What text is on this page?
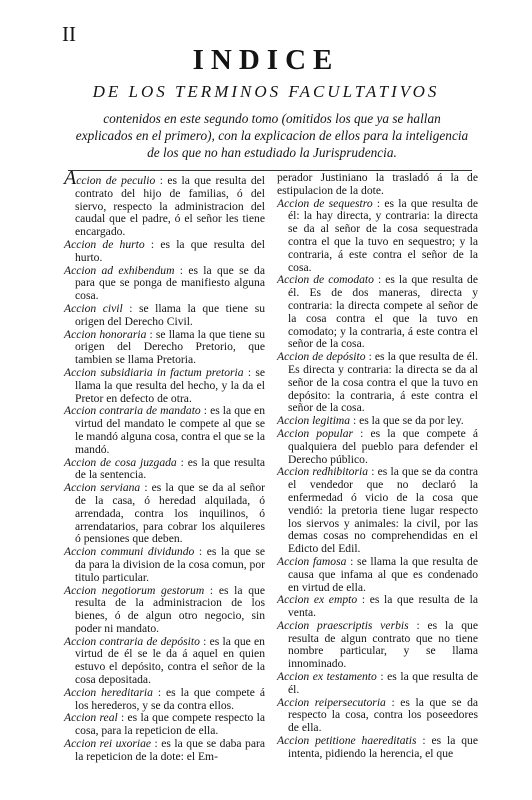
II
INDICE
DE LOS TERMINOS FACULTATIVOS
contenidos en este segundo tomo (omitidos los que ya se hallan explicados en el primero), con la explicacion de ellos para la inteligencia de los que no han estudiado la Jurisprudencia.

Accion de peculio : es la que resulta del contrato del hijo de familias, ó del siervo, respecto la administracion del caudal que el padre, ó el señor les tiene encargado.

Accion de hurto : es la que resulta del hurto.

Accion ad exhibendum : es la que se da para que se ponga de manifiesto alguna cosa.

Accion civil : se llama la que tiene su origen del Derecho Civil.

Accion honoraria : se llama la que tiene su origen del Derecho Pretorio, que tambien se llama Pretoria.

Accion subsidiaria in factum pretoria : se llama la que resulta del hecho, y la da el Pretor en defecto de otra.

Accion contraria de mandato : es la que en virtud del mandato le compete al que se le mandó alguna cosa, contra el que se la mandó.

Accion de cosa juzgada : es la que resulta de la sentencia.

Accion serviana : es la que se da al señor de la casa, ó heredad alquilada, ó arrendada, contra los inquilinos, ó arrendatarios, para cobrar los alquileres ó pensiones que deben.

Accion communi dividundo : es la que se da para la division de la cosa comun, por titulo particular.

Accion negotiorum gestorum : es la que resulta de la administracion de los bienes, ó de algun otro negocio, sin poder ni mandato.

Accion contraria de depósito : es la que en virtud de él se le da á aquel en quien estuvo el depósito, contra el señor de la cosa depositada.

Accion hereditaria : es la que compete á los herederos, y se da contra ellos.

Accion real : es la que compete respecto la cosa, para la repeticion de ella.

Accion rei uxoriae : es la que se daba para la repeticion de la dote: el Em-

perador Justiniano la trasladó á la de estipulacion de la dote.

Accion de sequestro : es la que resulta de él: la hay directa, y contraria: la directa se da al señor de la cosa sequestrada contra el que la tuvo en sequestro; y la contraria, á este contra el señor de la cosa.

Accion de comodato : es la que resulta de él. Es de dos maneras, directa y contraria: la directa compete al señor de la cosa contra el que la tuvo en comodato; y la contraria, á este contra el señor de la cosa.

Accion de depósito : es la que resulta de él. Es directa y contraria: la directa se da al señor de la cosa contra el que la tuvo en depósito: la contraria, á este contra el señor de la cosa.

Accion legitima : es la que se da por ley.

Accion popular : es la que compete á qualquiera del pueblo para defender el Derecho público.

Accion redhibitoria : es la que se da contra el vendedor que no declaró la enfermedad ó vicio de la cosa que vendió: la pretoria tiene lugar respecto los siervos y animales: la civil, por las demas cosas no comprehendidas en el Edicto del Edil.

Accion famosa : se llama la que resulta de causa que infama al que es condenado en virtud de ella.

Accion ex empto : es la que resulta de la venta.

Accion praescriptis verbis : es la que resulta de algun contrato que no tiene nombre particular, y se llama innominado.

Accion ex testamento : es la que resulta de él.

Accion reipersecutoria : es la que se da respecto la cosa, contra los poseedores de ella.

Accion petitione haereditatis : es la que intenta, pidiendo la herencia, el que
